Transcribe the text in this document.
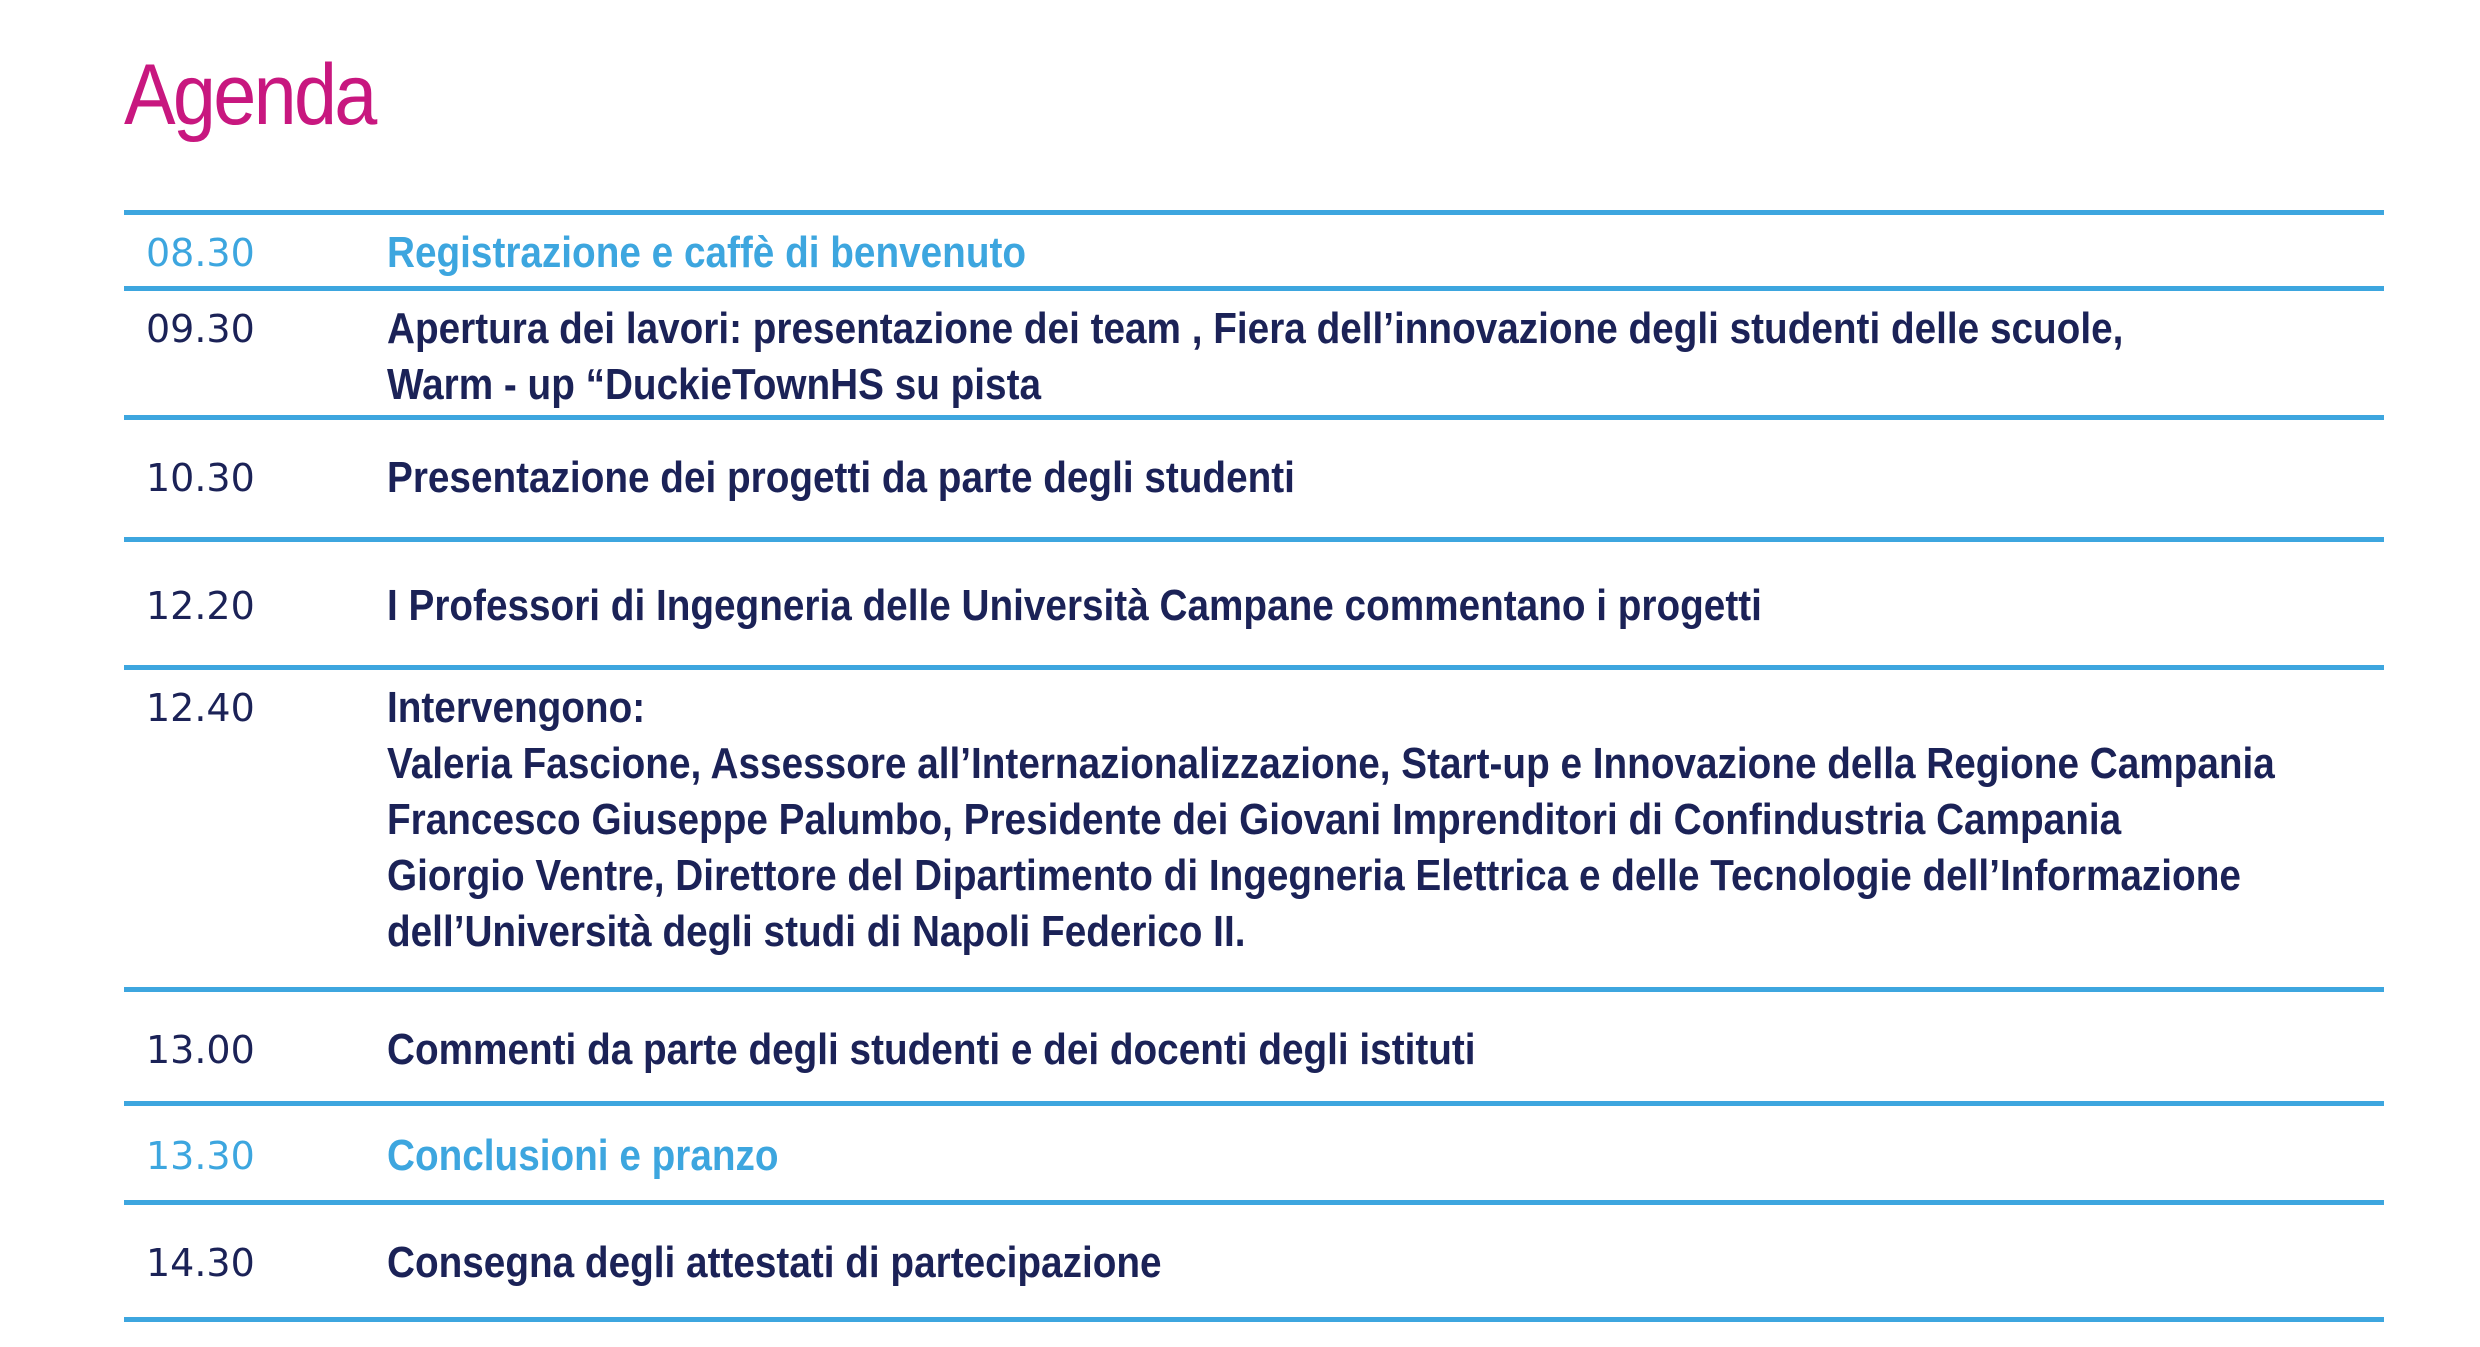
Agenda
08.30	Registrazione e caffè di benvenuto
09.30	Apertura dei lavori: presentazione dei team , Fiera dell’innovazione degli studenti delle scuole,
Warm - up “DuckieTownHS su pista
10.30	Presentazione dei progetti da parte degli studenti
12.20	I Professori di Ingegneria delle Università Campane commentano i progetti
12.40	Intervengono:
Valeria Fascione, Assessore all’Internazionalizzazione, Start-up e Innovazione della Regione Campania
Francesco Giuseppe Palumbo, Presidente dei Giovani Imprenditori di Confindustria Campania
Giorgio Ventre, Direttore del Dipartimento di Ingegneria Elettrica e delle Tecnologie dell’Informazione
dell’Università degli studi di Napoli Federico II.
13.00	Commenti da parte degli studenti e dei docenti degli istituti
13.30	Conclusioni e pranzo
14.30	Consegna degli attestati di partecipazione
